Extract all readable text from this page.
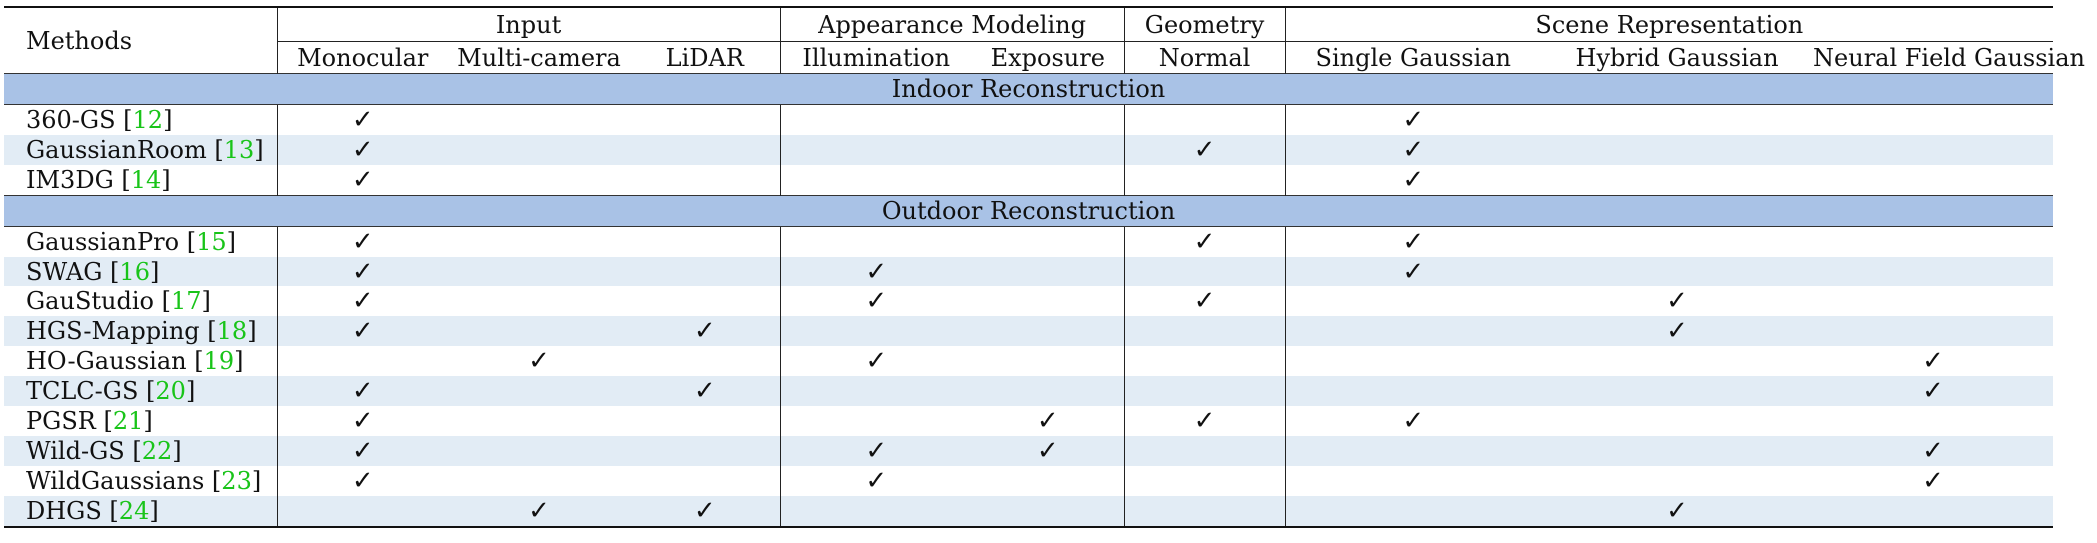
Methods	Input			Appearance Modeling		Geometry	Scene Representation		
	Monocular	Multi-camera	LiDAR	Illumination	Exposure	Normal	Single Gaussian	Hybrid Gaussian	Neural Field Gaussian
Indoor Reconstruction									
360-GS [12]	✓						✓		
GaussianRoom [13]	✓					✓	✓		
IM3DG [14]	✓						✓		
Outdoor Reconstruction									
GaussianPro [15]	✓					✓	✓		
SWAG [16]	✓			✓			✓		
GauStudio [17]	✓			✓		✓		✓	
HGS-Mapping [18]	✓		✓					✓	
HO-Gaussian [19]		✓		✓					✓
TCLC-GS [20]	✓		✓						✓
PGSR [21]	✓				✓	✓	✓		
Wild-GS [22]	✓			✓	✓				✓
WildGaussians [23]	✓			✓					✓
DHGS [24]		✓	✓					✓	
